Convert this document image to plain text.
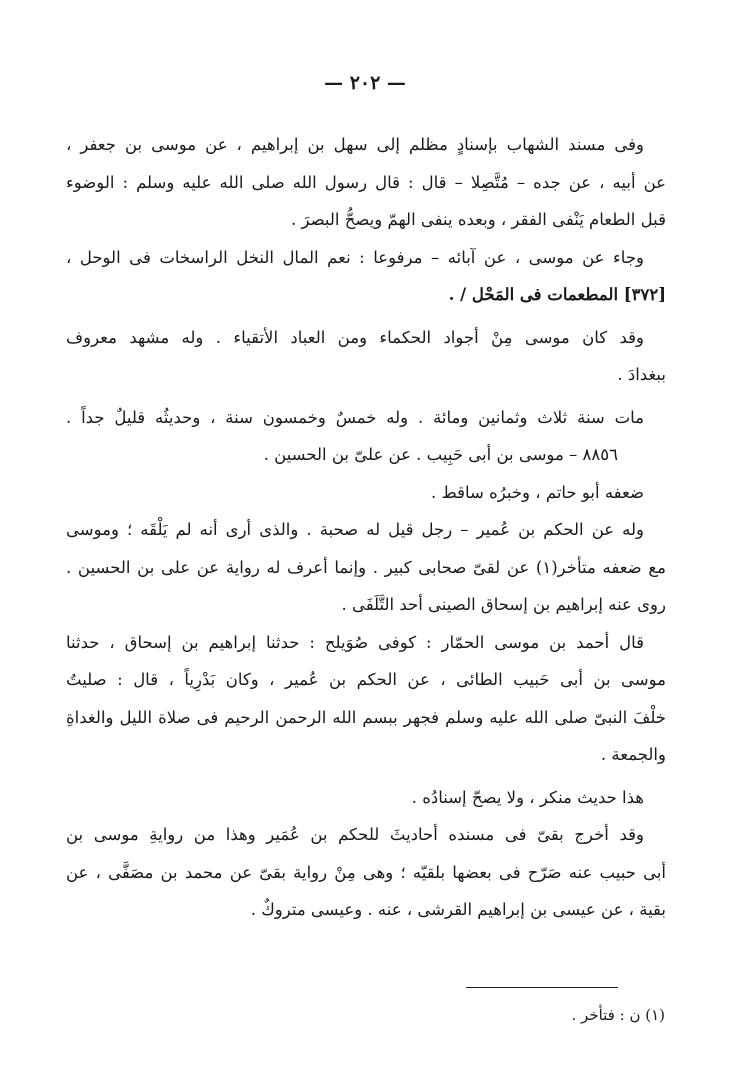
— ٢٠٢ —
وفى مسند الشهاب بإسنادٍ مظلم إلى سهل بن إبراهيم ، عن موسى بن جعفر ،
عن أبيه ، عن جده – مُتَّصِلا – قال : قال رسول الله صلى الله عليه وسلم : الوضوء
قبل الطعام يَنْفى الفقر ، وبعده ينفى الهمّ ويصحُّ البصرَ .
وجاء عن موسى ، عن آبائه – مرفوعا : نعم المال النخل الراسخات فى الوحل ،
[٣٧٢] المطعمات فى المَحْل / .
وقد كان موسى مِنْ أجواد الحكماء ومن العباد الأتقياء . وله مشهد معروف
ببغدادَ .
مات سنة ثلاث وثمانين ومائة . وله خمسٌ وخمسون سنة ، وحديثُه قليلٌ جداً .
٨٨٥٦ – موسى بن أبى حَبِيب . عن علىّ بن الحسين .
ضعفه أبو حاتم ، وخبرُه ساقط .
وله عن الحكم بن عُمير – رجل قيل له صحبة . والذى أرى أنه لم يَلْقَه ؛ وموسى
مع ضعفه متأخر(١) عن لقىّ صحابى كبير . وإنما أعرف له رواية عن على بن الحسين .
روى عنه إبراهيم بن إسحاق الصينى أحد التَّلَفَى .
قال أحمد بن موسى الحمّار : كوفى صُوَيلح : حدثنا إبراهيم بن إسحاق ، حدثنا
موسى بن أبى حَبيب الطائى ، عن الحكم بن عُمير ، وكان بَدْرِياً ، قال : صليتُ
خلْفَ النبىّ صلى الله عليه وسلم فجهر ببسم الله الرحمن الرحيم فى صلاة الليل والغداةِ
والجمعة .
هذا حديث منكر ، ولا يصحّ إسنادُه .
وقد أخرج بقىّ فى مسنده أحاديثَ للحكم بن عُمَير وهذا من روايةِ موسى بن
أبى حبيب عنه صَرّح فى بعضها بلقيّه ؛ وهى مِنْ رواية بقىّ عن محمد بن مصَفَّى ، عن
بقية ، عن عيسى بن إبراهيم القرشى ، عنه . وعيسى متروكٌ .
(١) ن : فتأخر .
